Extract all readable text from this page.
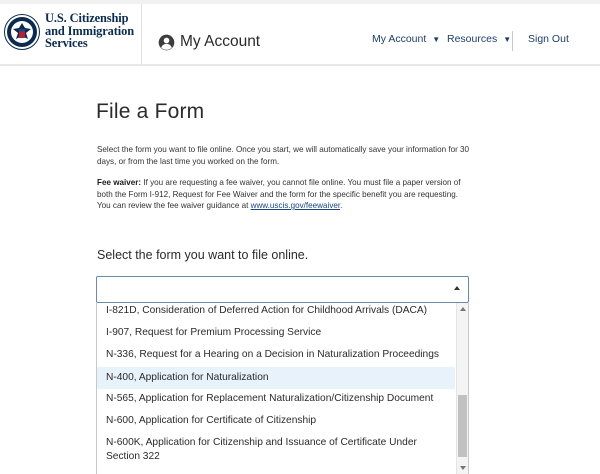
U.S. Citizenship
and Immigration
Services	My Account	My Account ▼ Resources ▼ Sign Out
File a Form

Select the form you want to file online. Once you start, we will automatically save your information for 30 days, or from the last time you worked on the form.

Fee waiver: If you are requesting a fee waiver, you cannot file online. You must file a paper version of both the Form I-912, Request for Fee Waiver and the form for the specific benefit you are requesting. You can review the fee waiver guidance at www.uscis.gov/feewaiver.

Select the form you want to file online.
I-821D, Consideration of Deferred Action for Childhood Arrivals (DACA)
I-907, Request for Premium Processing Service
N-336, Request for a Hearing on a Decision in Naturalization Proceedings
N-400, Application for Naturalization
N-565, Application for Replacement Naturalization/Citizenship Document
N-600, Application for Certificate of Citizenship
N-600K, Application for Citizenship and Issuance of Certificate Under Section 322
